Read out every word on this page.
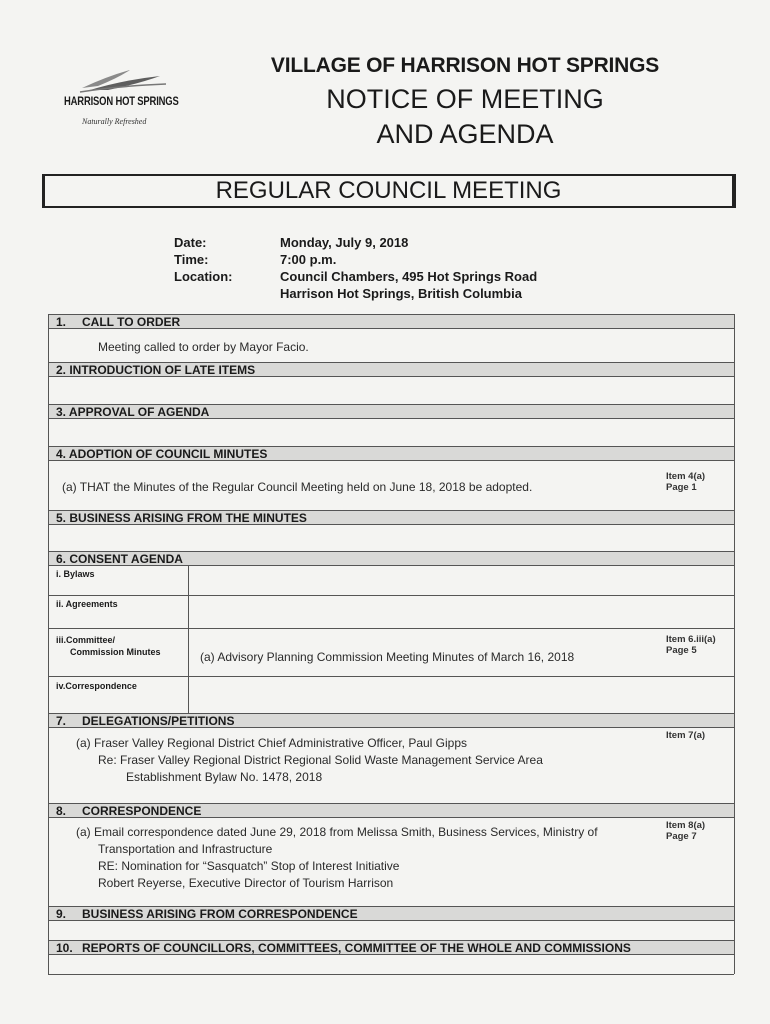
HARRISON HOT SPRINGS
Naturally Refreshed
VILLAGE OF HARRISON HOT SPRINGS
NOTICE OF MEETING
AND AGENDA
REGULAR COUNCIL MEETING
Date:	Monday, July 9, 2018
Time:	7:00 p.m.
Location:	Council Chambers, 495 Hot Springs Road
Harrison Hot Springs, British Columbia
1. CALL TO ORDER
Meeting called to order by Mayor Facio.
2. INTRODUCTION OF LATE ITEMS
3. APPROVAL OF AGENDA
4. ADOPTION OF COUNCIL MINUTES
(a) THAT the Minutes of the Regular Council Meeting held on June 18, 2018 be adopted.
Item 4(a)
Page 1
5. BUSINESS ARISING FROM THE MINUTES
6. CONSENT AGENDA
i. Bylaws
ii. Agreements
iii.Committee/
Commission Minutes	(a) Advisory Planning Commission Meeting Minutes of March 16, 2018
Item 6.iii(a)
Page 5
iv.Correspondence
7. DELEGATIONS/PETITIONS
(a) Fraser Valley Regional District Chief Administrative Officer, Paul Gipps
Re: Fraser Valley Regional District Regional Solid Waste Management Service Area
Establishment Bylaw No. 1478, 2018
Item 7(a)
8. CORRESPONDENCE
(a) Email correspondence dated June 29, 2018 from Melissa Smith, Business Services, Ministry of
Transportation and Infrastructure
RE: Nomination for “Sasquatch” Stop of Interest Initiative
Robert Reyerse, Executive Director of Tourism Harrison
Item 8(a)
Page 7
9. BUSINESS ARISING FROM CORRESPONDENCE
10. REPORTS OF COUNCILLORS, COMMITTEES, COMMITTEE OF THE WHOLE AND COMMISSIONS
